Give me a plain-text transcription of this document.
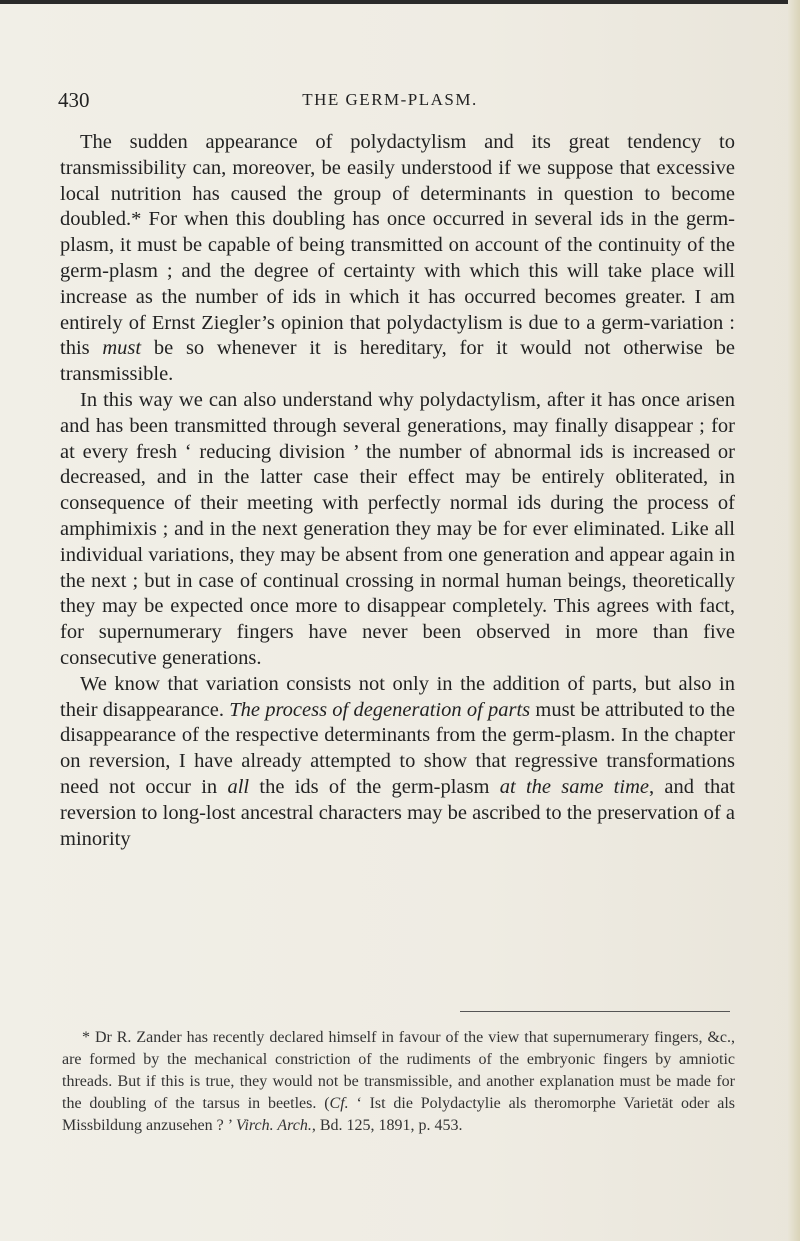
430	THE GERM-PLASM.

The sudden appearance of polydactylism and its great tendency to transmissibility can, moreover, be easily understood if we suppose that excessive local nutrition has caused the group of determinants in question to become doubled.* For when this doubling has once occurred in several ids in the germ-plasm, it must be capable of being transmitted on account of the continuity of the germ-plasm ; and the degree of certainty with which this will take place will increase as the number of ids in which it has occurred becomes greater. I am entirely of Ernst Ziegler’s opinion that polydactylism is due to a germ-variation : this must be so whenever it is hereditary, for it would not otherwise be transmissible.

In this way we can also understand why polydactylism, after it has once arisen and has been transmitted through several generations, may finally disappear ; for at every fresh ‘ reducing division ’ the number of abnormal ids is increased or decreased, and in the latter case their effect may be entirely obliterated, in consequence of their meeting with perfectly normal ids during the process of amphimixis ; and in the next generation they may be for ever eliminated. Like all individual variations, they may be absent from one generation and appear again in the next ; but in case of continual crossing in normal human beings, theoretically they may be expected once more to disappear completely. This agrees with fact, for supernumerary fingers have never been observed in more than five consecutive generations.

We know that variation consists not only in the addition of parts, but also in their disappearance. The process of degeneration of parts must be attributed to the disappearance of the respective determinants from the germ-plasm. In the chapter on reversion, I have already attempted to show that regressive transformations need not occur in all the ids of the germ-plasm at the same time, and that reversion to long-lost ancestral characters may be ascribed to the preservation of a minority

* Dr R. Zander has recently declared himself in favour of the view that supernumerary fingers, &c., are formed by the mechanical constriction of the rudiments of the embryonic fingers by amniotic threads. But if this is true, they would not be transmissible, and another explanation must be made for the doubling of the tarsus in beetles. (Cf. ‘ Ist die Polydactylie als theromorphe Varietät oder als Missbildung anzusehen ? ’ Virch. Arch., Bd. 125, 1891, p. 453.
